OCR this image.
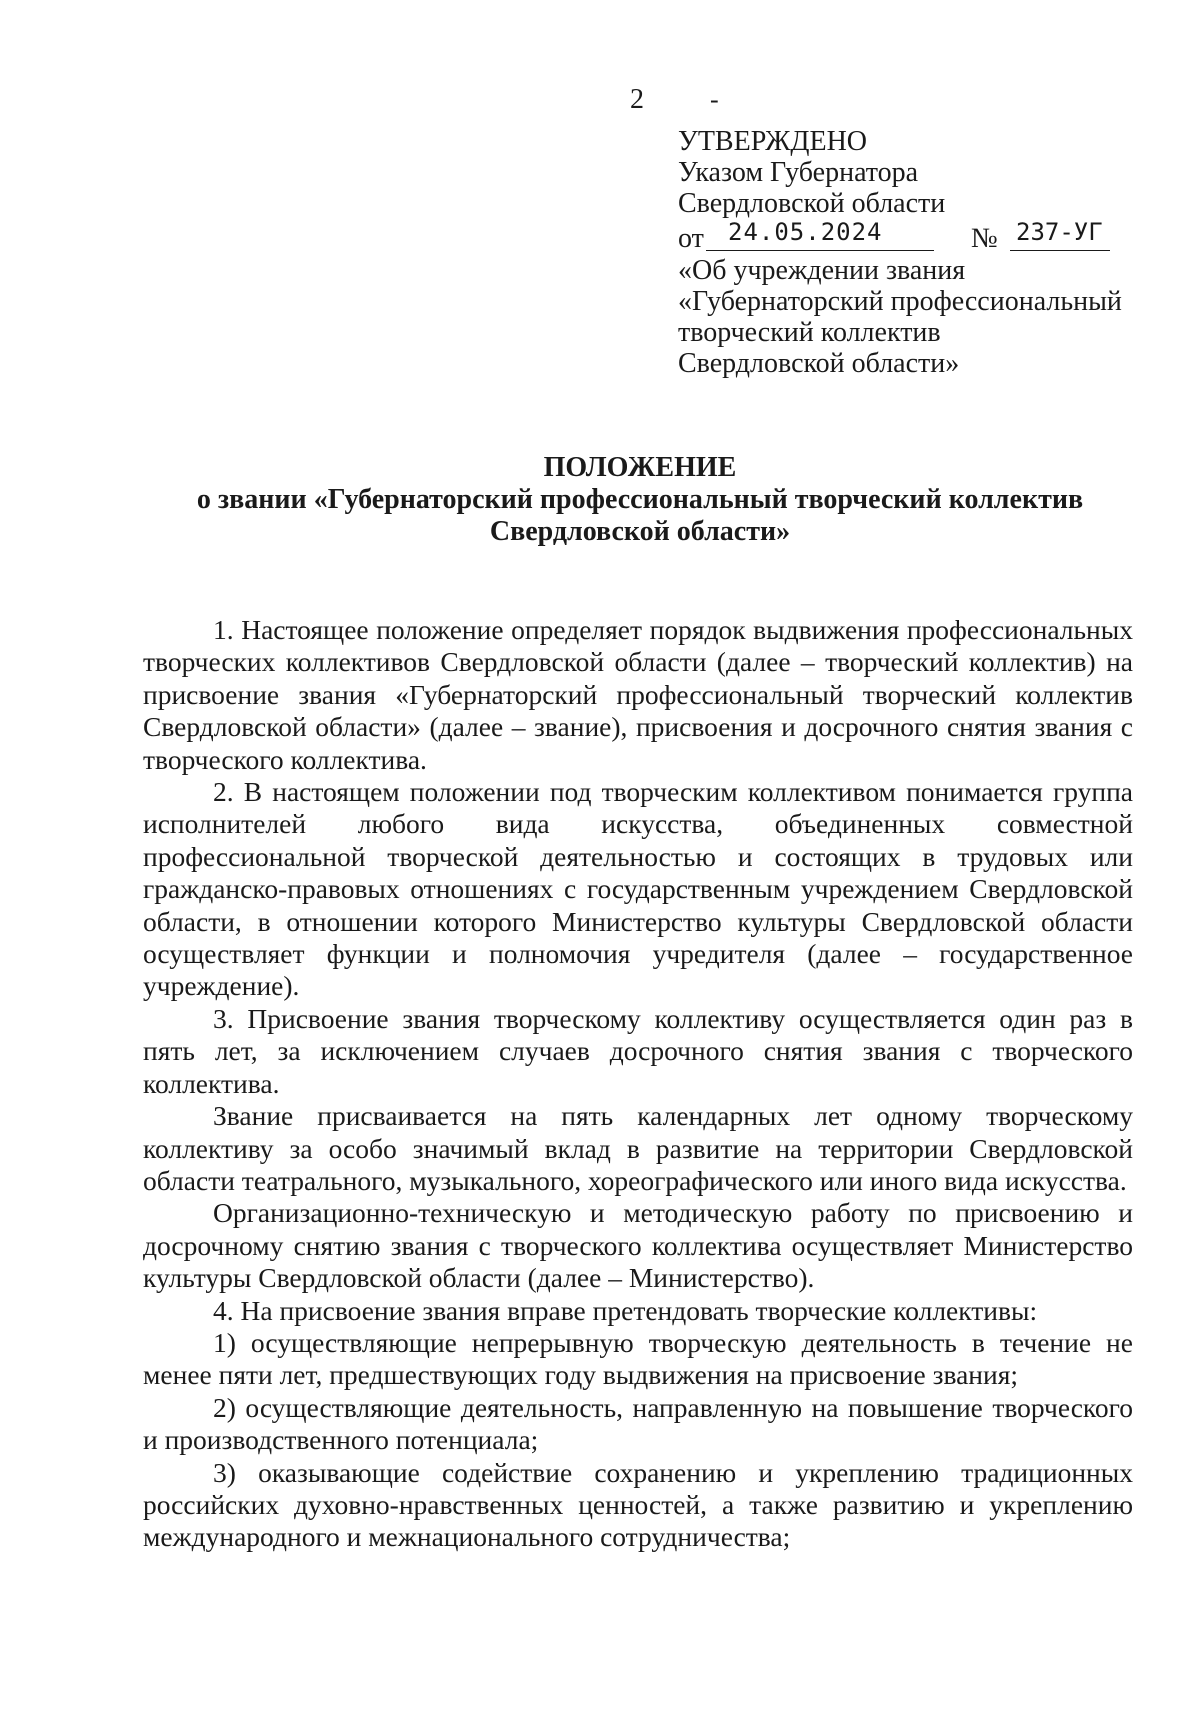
2	-
УТВЕРЖДЕНО
Указом Губернатора
Свердловской области
от 24.05.2024	№ 237-УГ
«Об учреждении звания
«Губернаторский профессиональный
творческий коллектив
Свердловской области»
ПОЛОЖЕНИЕ
о звании «Губернаторский профессиональный творческий коллектив
Свердловской области»

1. Настоящее положение определяет порядок выдвижения профессиональных творческих коллективов Свердловской области (далее – творческий коллектив) на присвоение звания «Губернаторский профессиональный творческий коллектив Свердловской области» (далее – звание), присвоения и досрочного снятия звания с творческого коллектива.

2. В настоящем положении под творческим коллективом понимается группа исполнителей любого вида искусства, объединенных совместной профессиональной творческой деятельностью и состоящих в трудовых или гражданско-правовых отношениях с государственным учреждением Свердловской области, в отношении которого Министерство культуры Свердловской области осуществляет функции и полномочия учредителя (далее – государственное учреждение).

3. Присвоение звания творческому коллективу осуществляется один раз в пять лет, за исключением случаев досрочного снятия звания с творческого коллектива.

Звание присваивается на пять календарных лет одному творческому коллективу за особо значимый вклад в развитие на территории Свердловской области театрального, музыкального, хореографического или иного вида искусства.

Организационно-техническую и методическую работу по присвоению и досрочному снятию звания с творческого коллектива осуществляет Министерство культуры Свердловской области (далее – Министерство).

4. На присвоение звания вправе претендовать творческие коллективы:

1) осуществляющие непрерывную творческую деятельность в течение не менее пяти лет, предшествующих году выдвижения на присвоение звания;

2) осуществляющие деятельность, направленную на повышение творческого и производственного потенциала;

3) оказывающие содействие сохранению и укреплению традиционных российских духовно-нравственных ценностей, а также развитию и укреплению международного и межнационального сотрудничества;
